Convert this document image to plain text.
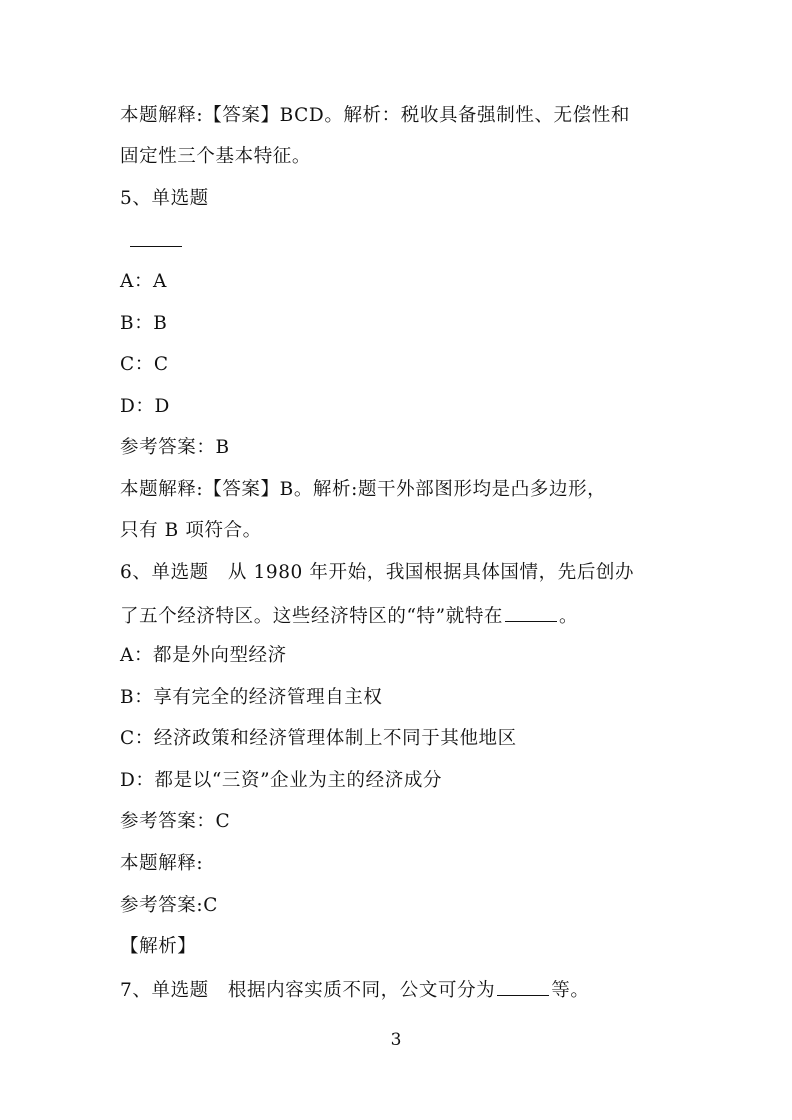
本题解释:【答案】BCD。解析：税收具备强制性、无偿性和
固定性三个基本特征。
5、单选题
A：A
B：B
C：C
D：D
参考答案：B
本题解释:【答案】B。解析:题干外部图形均是凸多边形，
只有 B 项符合。
6、单选题　从 1980 年开始，我国根据具体国情，先后创办
了五个经济特区。这些经济特区的“特”就特在	。
A：都是外向型经济
B：享有完全的经济管理自主权
C：经济政策和经济管理体制上不同于其他地区
D：都是以“三资”企业为主的经济成分
参考答案：C
本题解释:
参考答案:C
【解析】
7、单选题　根据内容实质不同，公文可分为	等。
3
